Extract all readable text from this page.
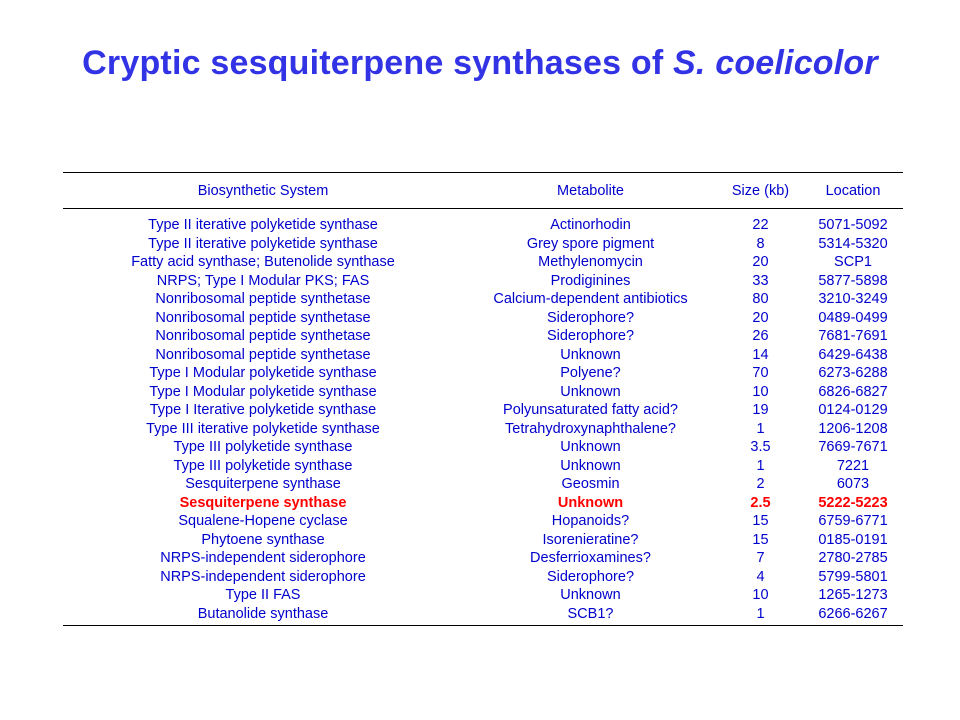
Cryptic sesquiterpene synthases of S. coelicolor
Biosynthetic System	Metabolite	Size (kb)	Location
Type II iterative polyketide synthase	Actinorhodin	22	5071-5092
Type II iterative polyketide synthase	Grey spore pigment	8	5314-5320
Fatty acid synthase; Butenolide synthase	Methylenomycin	20	SCP1
NRPS; Type I Modular PKS; FAS	Prodiginines	33	5877-5898
Nonribosomal peptide synthetase	Calcium-dependent antibiotics	80	3210-3249
Nonribosomal peptide synthetase	Siderophore?	20	0489-0499
Nonribosomal peptide synthetase	Siderophore?	26	7681-7691
Nonribosomal peptide synthetase	Unknown	14	6429-6438
Type I Modular polyketide synthase	Polyene?	70	6273-6288
Type I Modular polyketide synthase	Unknown	10	6826-6827
Type I Iterative polyketide synthase	Polyunsaturated fatty acid?	19	0124-0129
Type III iterative polyketide synthase	Tetrahydroxynaphthalene?	1	1206-1208
Type III polyketide synthase	Unknown	3.5	7669-7671
Type III polyketide synthase	Unknown	1	7221
Sesquiterpene synthase	Geosmin	2	6073
Sesquiterpene synthase	Unknown	2.5	5222-5223
Squalene-Hopene cyclase	Hopanoids?	15	6759-6771
Phytoene synthase	Isorenieratine?	15	0185-0191
NRPS-independent siderophore	Desferrioxamines?	7	2780-2785
NRPS-independent siderophore	Siderophore?	4	5799-5801
Type II FAS	Unknown	10	1265-1273
Butanolide synthase	SCB1?	1	6266-6267
